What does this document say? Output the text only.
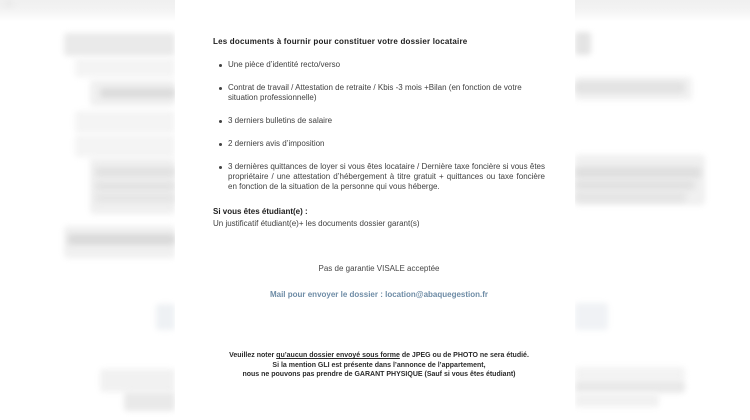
Les documents à fournir pour constituer votre dossier locataire
Une pièce d’identité recto/verso
Contrat de travail / Attestation de retraite / Kbis -3 mois +Bilan (en fonction de votre situation professionnelle)
3 derniers bulletins de salaire
2 derniers avis d’imposition
3 dernières quittances de loyer si vous êtes locataire / Dernière taxe foncière si vous êtes propriétaire / une attestation d’hébergement à titre gratuit + quittances ou taxe foncière en fonction de la situation de la personne qui vous héberge.

Si vous êtes étudiant(e) :

Un justificatif étudiant(e)+ les documents dossier garant(s)

Pas de garantie VISALE acceptée

Mail pour envoyer le dossier : location@abaquegestion.fr

Veuillez noter qu’aucun dossier envoyé sous forme de JPEG ou de PHOTO ne sera étudié.

Si la mention GLI est présente dans l’annonce de l’appartement,

nous ne pouvons pas prendre de GARANT PHYSIQUE (Sauf si vous êtes étudiant)
